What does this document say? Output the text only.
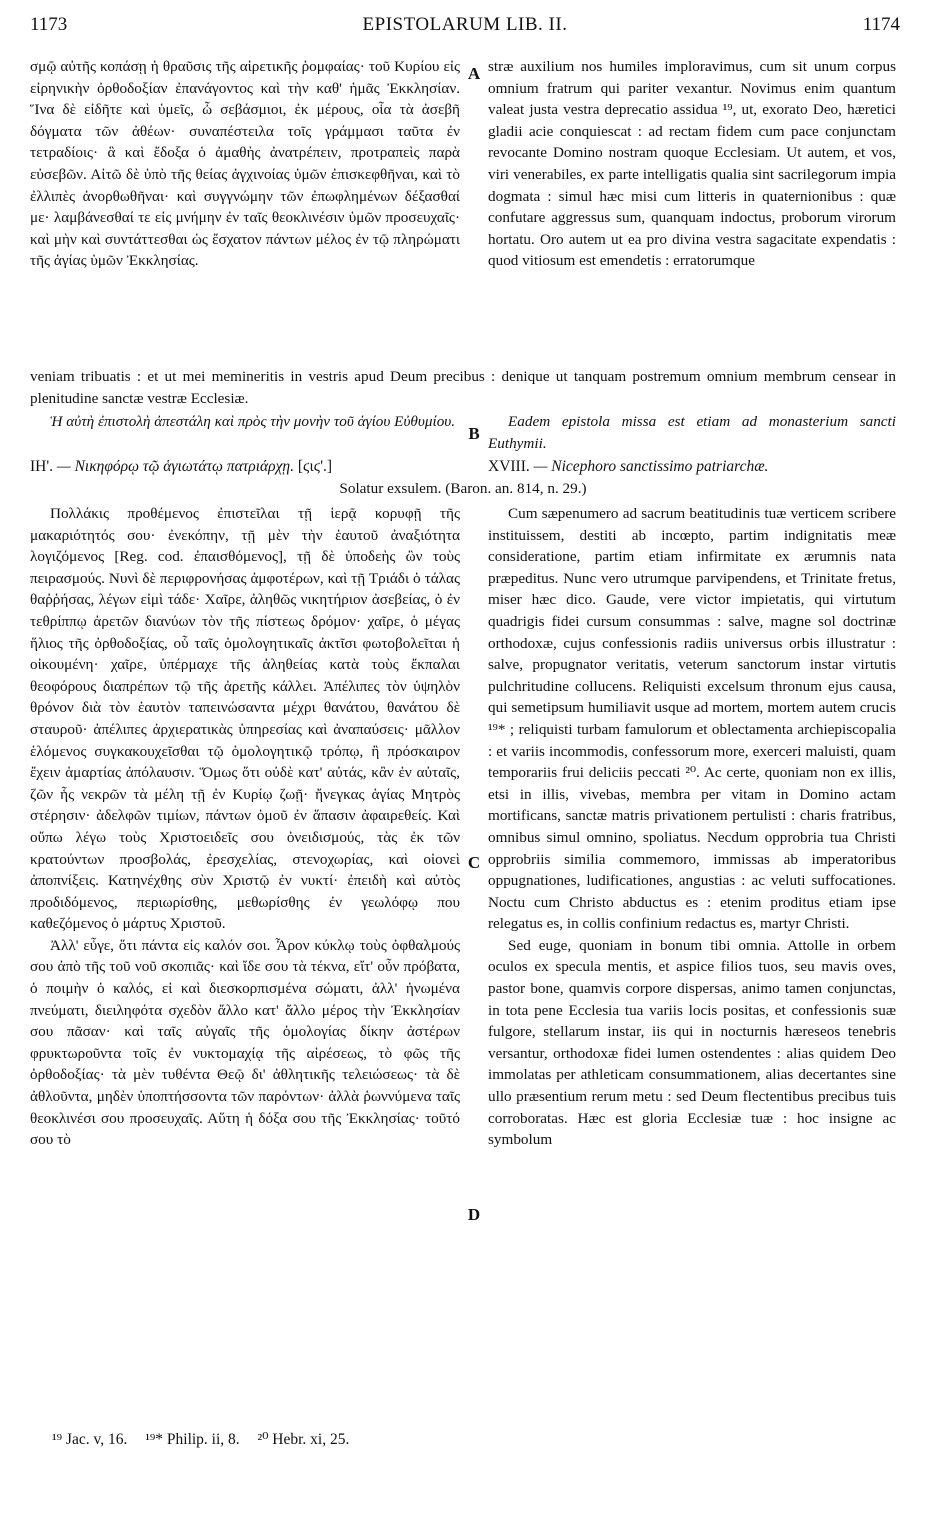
1173	EPISTOLARUM LIB. II.	1174

σμῷ αὐτῆς κοπάσῃ ἡ θραῦσις τῆς αἱρετικῆς ῥομφαίας· τοῦ Κυρίου εἰς εἰρηνικὴν ὀρθοδοξίαν ἐπανάγοντος καὶ τὴν καθ' ἡμᾶς Ἐκκλησίαν. Ἵνα δὲ εἰδῆτε καὶ ὑμεῖς, ὦ σεβάσμιοι, ἐκ μέρους, οἷα τὰ ἀσεβῆ δόγματα τῶν ἀθέων· συναπέστειλα τοῖς γράμμασι ταῦτα ἐν τετραδίοις· ἃ καὶ ἔδοξα ὁ ἀμαθὴς ἀνατρέπειν, προτραπεὶς παρὰ εὐσεβῶν. Αἰτῶ δὲ ὑπὸ τῆς θείας ἀγχινοίας ὑμῶν ἐπισκεφθῆναι, καὶ τὸ ἐλλιπὲς ἀνορθωθῆναι· καὶ συγγνώμην τῶν ἐπωφλημένων δέξασθαί με· λαμβάνεσθαί τε εἰς μνήμην ἐν ταῖς θεοκλινέσιν ὑμῶν προσευχαῖς· καὶ μὴν καὶ συντάττεσθαι ὡς ἔσχατον πάντων μέλος ἐν τῷ πληρώματι τῆς ἁγίας ὑμῶν Ἐκκλησίας.

A stræ auxilium nos humiles imploravimus, cum sit unum corpus omnium fratrum qui pariter vexantur. Novimus enim quantum valeat justa vestra deprecatio assidua ¹⁹, ut, exorato Deo, hæretici gladii acie conquiescat : ad rectam fidem cum pace conjunctam revocante Domino nostram quoque Ecclesiam. Ut autem, et vos, viri venerabiles, ex parte intelligatis qualia sint sacrilegorum impia dogmata : simul hæc misi cum litteris in quaternionibus : quæ confutare aggressus sum, quanquam indoctus, proborum virorum hortatu. Oro autem ut ea pro divina vestra sagacitate expendatis : quod vitiosum est emendetis : erratorumque

veniam tribuatis : et ut mei memineritis in vestris apud Deum precibus : denique ut tanquam postremum omnium membrum censear in plenitudine sanctæ vestræ Ecclesiæ.

Ἡ αὐτὴ ἐπιστολὴ ἀπεστάλη καὶ πρὸς τὴν μονὴν τοῦ ἁγίου Εὐθυμίου.

B

Eadem epistola missa est etiam ad monasterium sancti Euthymii.

ΙΗ'. — Νικηφόρῳ τῷ ἁγιωτάτῳ πατριάρχῃ. [ϛιϛ'.]	XVIII. — Nicephoro sanctissimo patriarchæ.
Solatur exsulem. (Baron. an. 814, n. 29.)

Πολλάκις προθέμενος ἐπιστεῖλαι τῇ ἱερᾷ κορυφῇ τῆς μακαριότητός σου· ἐνεκόπην, τῇ μὲν τὴν ἑαυτοῦ ἀναξιότητα λογιζόμενος [Reg. cod. ἐπαισθόμενος], τῇ δὲ ὑποδεὴς ὢν τοὺς πειρασμούς. Νυνὶ δὲ περιφρονήσας ἀμφοτέρων, καὶ τῇ Τριάδι ὁ τάλας θαῤῥήσας, λέγων εἰμὶ τάδε· Χαῖρε, ἀληθῶς νικητήριον ἀσεβείας, ὁ ἐν τεθρίππῳ ἀρετῶν διανύων τὸν τῆς πίστεως δρόμον· χαῖρε, ὁ μέγας ἥλιος τῆς ὀρθοδοξίας, οὗ ταῖς ὁμολογητικαῖς ἀκτῖσι φωτοβολεῖται ἡ οἰκουμένη· χαῖρε, ὑπέρμαχε τῆς ἀληθείας κατὰ τοὺς ἔκπαλαι θεοφόρους διαπρέπων τῷ τῆς ἀρετῆς κάλλει. Ἀπέλιπες τὸν ὑψηλὸν θρόνον διὰ τὸν ἑαυτὸν ταπεινώσαντα μέχρι θανάτου, θανάτου δὲ σταυροῦ· ἀπέλιπες ἀρχιερατικὰς ὑπηρεσίας καὶ ἀναπαύσεις· μᾶλλον ἑλόμενος συγκακουχεῖσθαι τῷ ὁμολογητικῷ τρόπῳ, ἢ πρόσκαιρον ἔχειν ἁμαρτίας ἀπόλαυσιν. Ὅμως ὅτι οὐδὲ κατ' αὐτάς, κἂν ἐν αὐταῖς, ζῶν ἧς νεκρῶν τὰ μέλη τῇ ἐν Κυρίῳ ζωῇ· ἤνεγκας ἁγίας Μητρὸς στέρησιν· ἀδελφῶν τιμίων, πάντων ὁμοῦ ἐν ἅπασιν ἀφαιρεθείς. Καὶ οὔπω λέγω τοὺς Χριστοειδεῖς σου ὀνειδισμούς, τὰς ἐκ τῶν κρατούντων προσβολάς, ἐρεσχελίας, στενοχωρίας, καὶ οἱονεὶ ἀποπνίξεις. Κατηνέχθης σὺν Χριστῷ ἐν νυκτί· ἐπειδὴ καὶ αὐτὸς προδιδόμενος, περιωρίσθης, μεθωρίσθης ἐν γεωλόφῳ που καθεζόμενος ὁ μάρτυς Χριστοῦ.

Ἀλλ' εὖγε, ὅτι πάντα εἰς καλόν σοι. Ἆρον κύκλῳ τοὺς ὀφθαλμούς σου ἀπὸ τῆς τοῦ νοῦ σκοπιᾶς· καὶ ἴδε σου τὰ τέκνα, εἴτ' οὖν πρόβατα, ὁ ποιμὴν ὁ καλός, εἰ καὶ διεσκορπισμένα σώματι, ἀλλ' ἡνωμένα πνεύματι, διειληφότα σχεδὸν ἄλλο κατ' ἄλλο μέρος τὴν Ἐκκλησίαν σου πᾶσαν· καὶ ταῖς αὐγαῖς τῆς ὁμολογίας δίκην ἀστέρων φρυκτωροῦντα τοῖς ἐν νυκτομαχίᾳ τῆς αἱρέσεως, τὸ φῶς τῆς ὀρθοδοξίας· τὰ μὲν τυθέντα Θεῷ δι' ἀθλητικῆς τελειώσεως· τὰ δὲ ἀθλοῦντα, μηδὲν ὑποπτήσσοντα τῶν παρόντων· ἀλλὰ ῥωννύμενα ταῖς θεοκλινέσι σου προσευχαῖς. Αὕτη ἡ δόξα σου τῆς Ἐκκλησίας· τοῦτό σου τὸ

C
D

Cum sæpenumero ad sacrum beatitudinis tuæ verticem scribere instituissem, destiti ab incœpto, partim indignitatis meæ consideratione, partim etiam infirmitate ex ærumnis nata præpeditus. Nunc vero utrumque parvipendens, et Trinitate fretus, miser hæc dico. Gaude, vere victor impietatis, qui virtutum quadrigis fidei cursum consummas : salve, magne sol doctrinæ orthodoxæ, cujus confessionis radiis universus orbis illustratur : salve, propugnator veritatis, veterum sanctorum instar virtutis pulchritudine collucens. Reliquisti excelsum thronum ejus causa, qui semetipsum humiliavit usque ad mortem, mortem autem crucis ¹⁹* ; reliquisti turbam famulorum et oblectamenta archiepiscopalia : et variis incommodis, confessorum more, exerceri maluisti, quam temporariis frui deliciis peccati ²⁰. Ac certe, quoniam non ex illis, etsi in illis, vivebas, membra per vitam in Domino actam mortificans, sanctæ matris privationem pertulisti : charis fratribus, omnibus simul omnino, spoliatus. Necdum opprobria tua Christi opprobriis similia commemoro, immissas ab imperatoribus oppugnationes, ludificationes, angustias : ac veluti suffocationes. Noctu cum Christo abductus es : etenim proditus etiam ipse relegatus es, in collis confinium redactus es, martyr Christi.

Sed euge, quoniam in bonum tibi omnia. Attolle in orbem oculos ex specula mentis, et aspice filios tuos, seu mavis oves, pastor bone, quamvis corpore dispersas, animo tamen conjunctas, in tota pene Ecclesia tua variis locis positas, et confessionis suæ fulgore, stellarum instar, iis qui in nocturnis hæreseos tenebris versantur, orthodoxæ fidei lumen ostendentes : alias quidem Deo immolatas per athleticam consummationem, alias decertantes sine ullo præsentium rerum metu : sed Deum flectentibus precibus tuis corroboratas. Hæc est gloria Ecclesiæ tuæ : hoc insigne ac symbolum

¹⁹ Jac. v, 16. ¹⁹* Philip. ii, 8. ²⁰ Hebr. xi, 25.
